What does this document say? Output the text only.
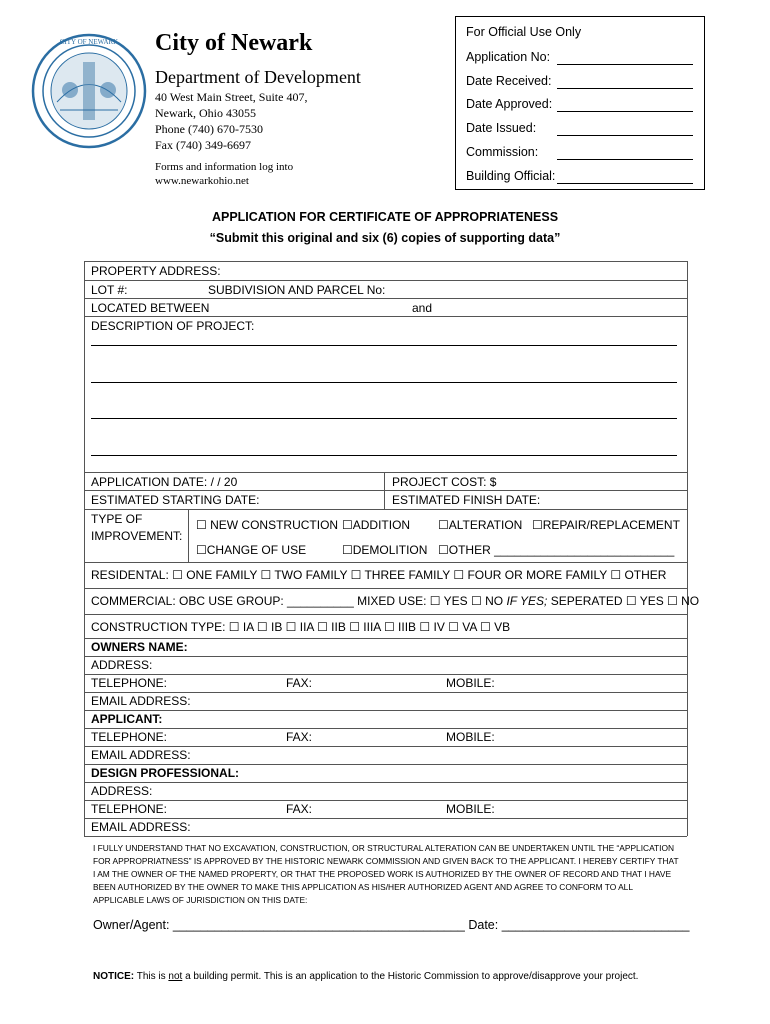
CITY OF NEWARK City of Newark
Department of Development
40 West Main Street, Suite 407,
Newark, Ohio 43055
Phone (740) 670-7530
Fax (740) 349-6697
Forms and information log into
www.newarkohio.net
For Official Use Only
Application No:
Date Received:
Date Approved:
Date Issued:
Commission:
Building Official:
APPLICATION FOR CERTIFICATE OF APPROPRIATENESS
“Submit this original and six (6) copies of supporting data”
PROPERTY ADDRESS:
LOT #:	SUBDIVISION AND PARCEL No:
LOCATED BETWEEN	and
DESCRIPTION OF PROJECT:
APPLICATION DATE: / / 20	PROJECT COST: $
ESTIMATED STARTING DATE:	ESTIMATED FINISH DATE:
TYPE OF
IMPROVEMENT:
☐ NEW CONSTRUCTION ☐ADDITION ☐ALTERATION ☐REPAIR/REPLACEMENT
☐CHANGE OF USE	☐DEMOLITION ☐OTHER ___________________________
RESIDENTAL: ☐ ONE FAMILY ☐ TWO FAMILY ☐ THREE FAMILY ☐ FOUR OR MORE FAMILY ☐ OTHER
COMMERCIAL: OBC USE GROUP: __________ MIXED USE: ☐ YES ☐ NO IF YES; SEPERATED ☐ YES ☐ NO
CONSTRUCTION TYPE: ☐ IA ☐ IB ☐ IIA ☐ IIB ☐ IIIA ☐ IIIB ☐ IV ☐ VA ☐ VB
OWNERS NAME:
ADDRESS:
TELEPHONE:	FAX:	MOBILE:
EMAIL ADDRESS:
APPLICANT:
TELEPHONE:	FAX:	MOBILE:
EMAIL ADDRESS:
DESIGN PROFESSIONAL:
ADDRESS:
TELEPHONE:	FAX:	MOBILE:
EMAIL ADDRESS:
I FULLY UNDERSTAND THAT NO EXCAVATION, CONSTRUCTION, OR STRUCTURAL ALTERATION CAN BE UNDERTAKEN UNTIL THE “APPLICATION FOR APPROPRIATNESS” IS APPROVED BY THE HISTORIC NEWARK COMMISSION AND GIVEN BACK TO THE APPLICANT. I HEREBY CERTIFY THAT I AM THE OWNER OF THE NAMED PROPERTY, OR THAT THE PROPOSED WORK IS AUTHORIZED BY THE OWNER OF RECORD AND THAT I HAVE BEEN AUTHORIZED BY THE OWNER TO MAKE THIS APPLICATION AS HIS/HER AUTHORIZED AGENT AND AGREE TO CONFORM TO ALL APPLICABLE LAWS OF JURISDICTION ON THIS DATE:
Owner/Agent: __________________________________________ Date: ___________________________
NOTICE: This is not a building permit. This is an application to the Historic Commission to approve/disapprove your project.
